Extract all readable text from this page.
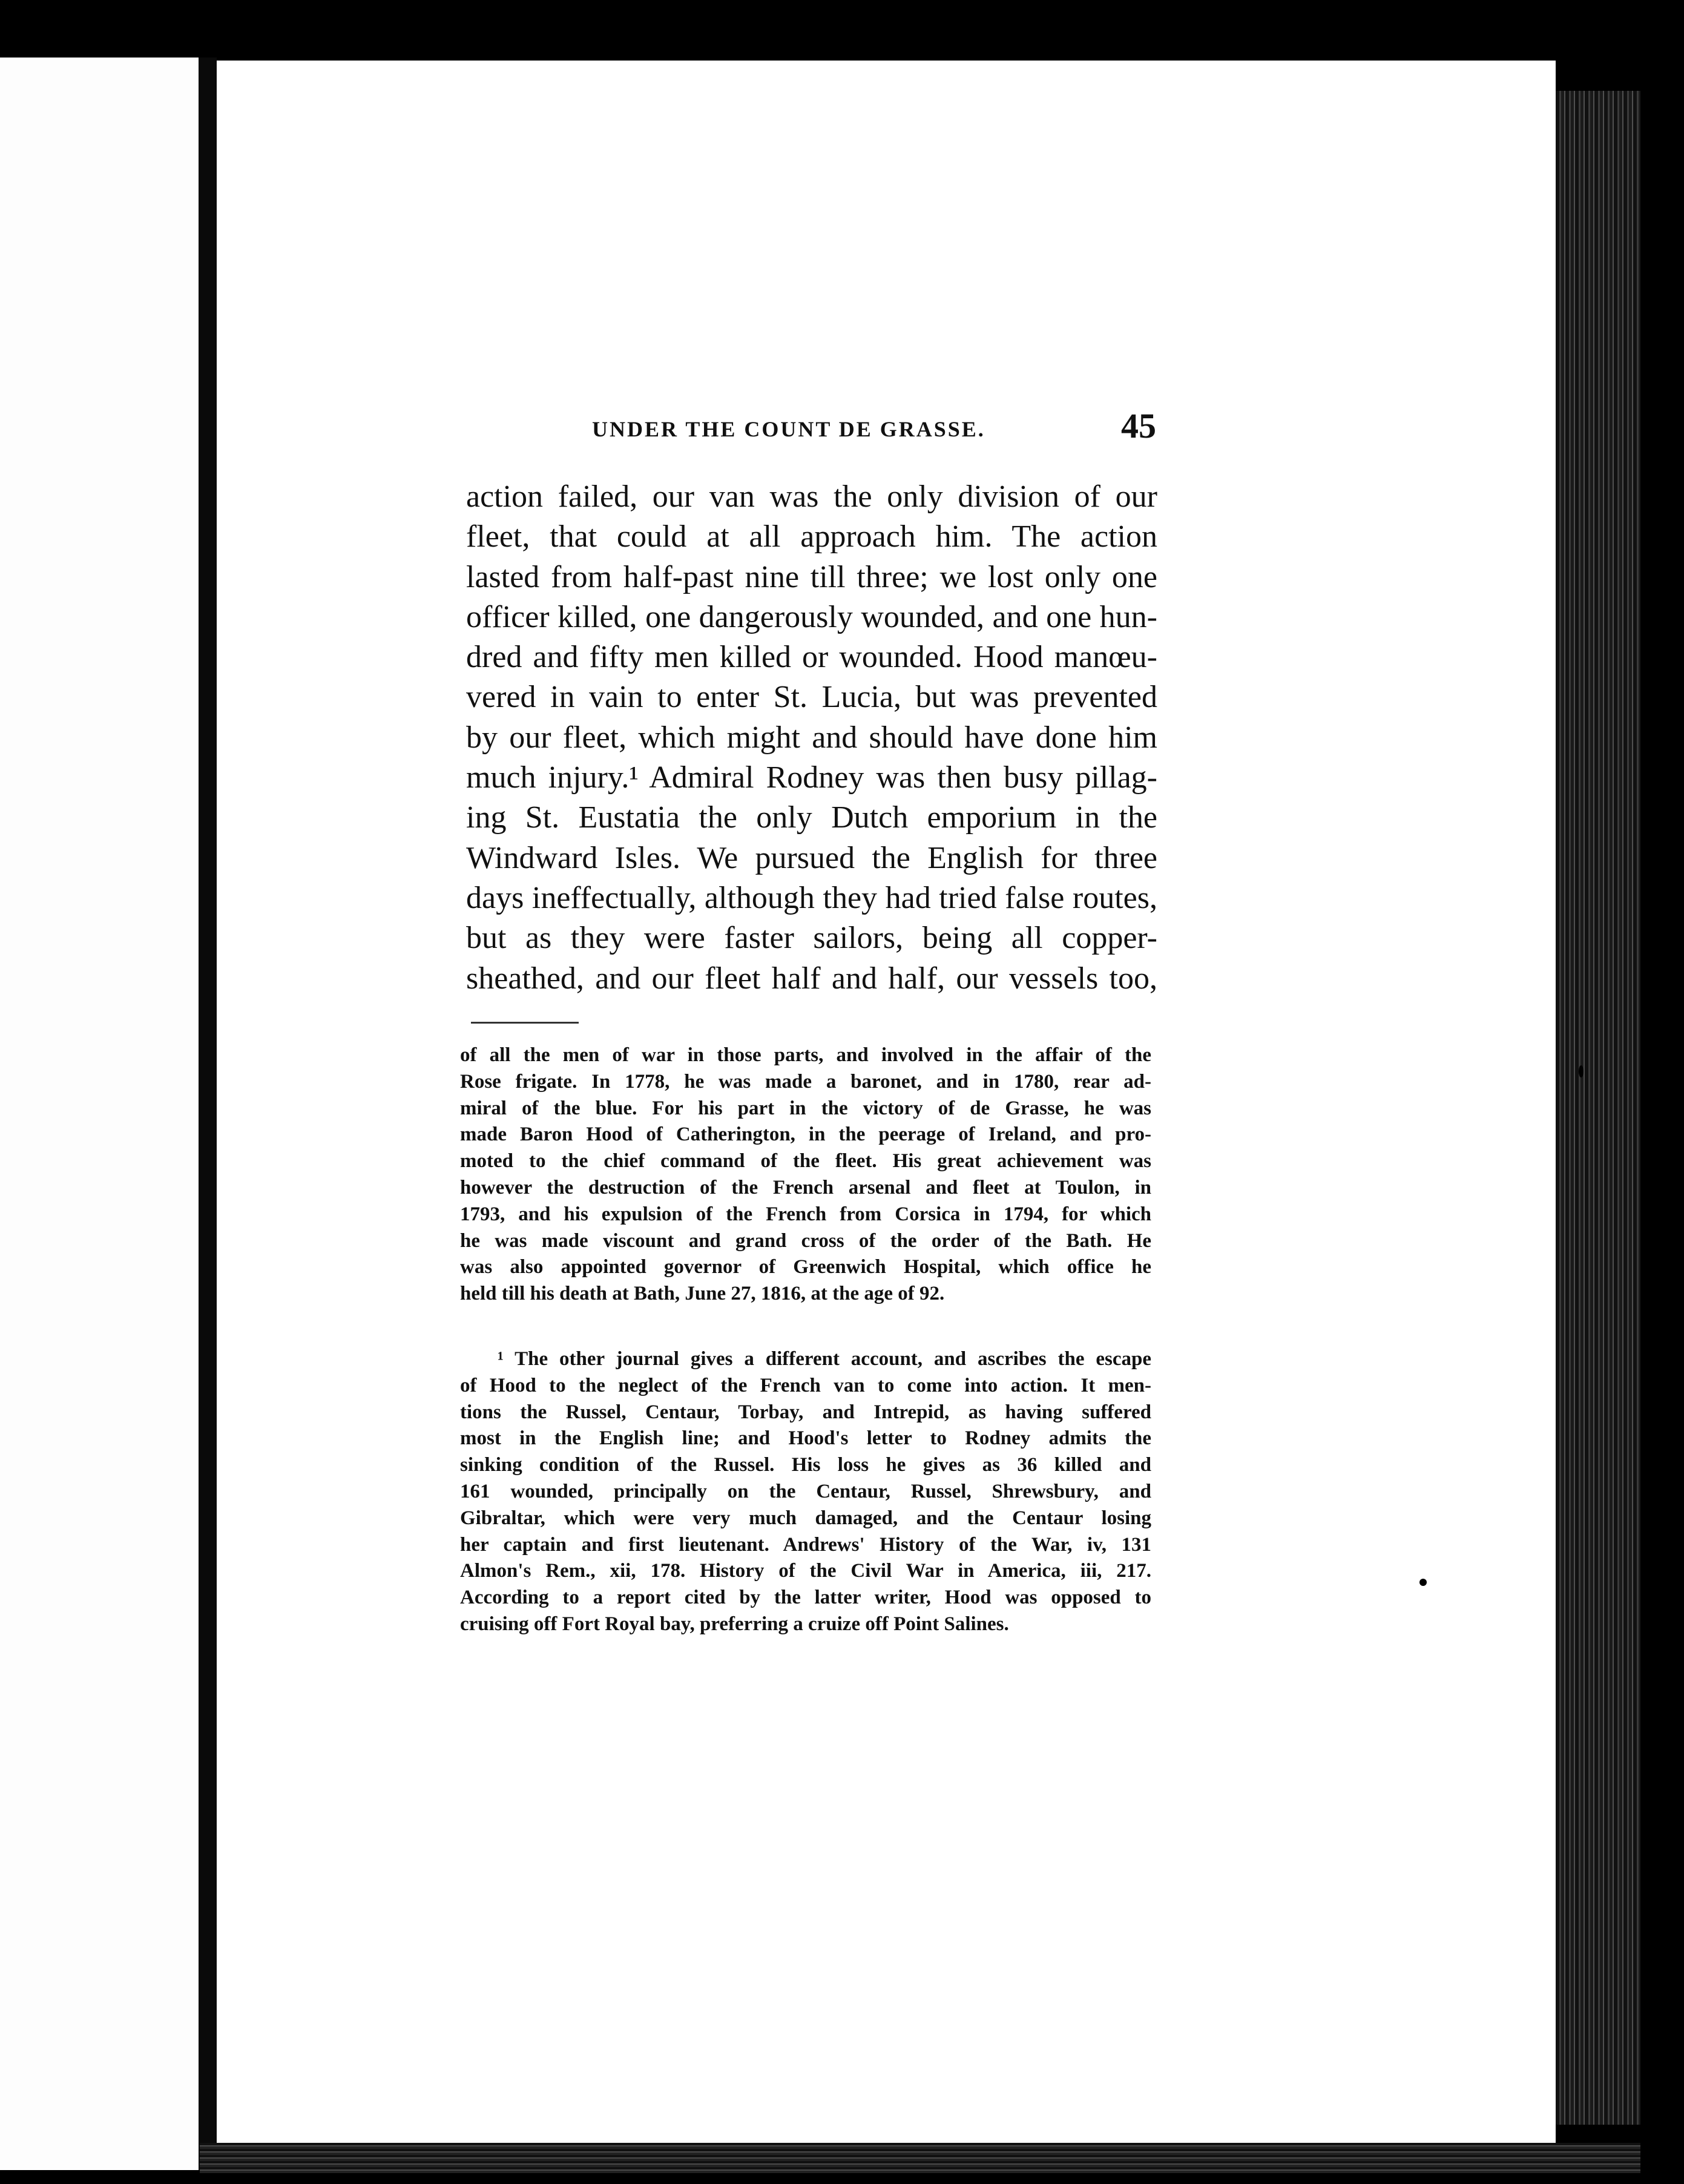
UNDER THE COUNT DE GRASSE.	45
action failed, our van was the only division of our
fleet, that could at all approach him. The action
lasted from half-past nine till three; we lost only one
officer killed, one dangerously wounded, and one hun-
dred and fifty men killed or wounded. Hood manœu-
vered in vain to enter St. Lucia, but was prevented
by our fleet, which might and should have done him
much injury.¹ Admiral Rodney was then busy pillag-
ing St. Eustatia the only Dutch emporium in the
Windward Isles. We pursued the English for three
days ineffectually, although they had tried false routes,
but as they were faster sailors, being all copper-
sheathed, and our fleet half and half, our vessels too,
of all the men of war in those parts, and involved in the affair of the
Rose frigate. In 1778, he was made a baronet, and in 1780, rear ad-
miral of the blue. For his part in the victory of de Grasse, he was
made Baron Hood of Catherington, in the peerage of Ireland, and pro-
moted to the chief command of the fleet. His great achievement was
however the destruction of the French arsenal and fleet at Toulon, in
1793, and his expulsion of the French from Corsica in 1794, for which
he was made viscount and grand cross of the order of the Bath. He
was also appointed governor of Greenwich Hospital, which office he
held till his death at Bath, June 27, 1816, at the age of 92.
¹ The other journal gives a different account, and ascribes the escape
of Hood to the neglect of the French van to come into action. It men-
tions the Russel, Centaur, Torbay, and Intrepid, as having suffered
most in the English line; and Hood's letter to Rodney admits the
sinking condition of the Russel. His loss he gives as 36 killed and
161 wounded, principally on the Centaur, Russel, Shrewsbury, and
Gibraltar, which were very much damaged, and the Centaur losing
her captain and first lieutenant. Andrews' History of the War, iv, 131
Almon's Rem., xii, 178. History of the Civil War in America, iii, 217.
According to a report cited by the latter writer, Hood was opposed to
cruising off Fort Royal bay, preferring a cruize off Point Salines.
